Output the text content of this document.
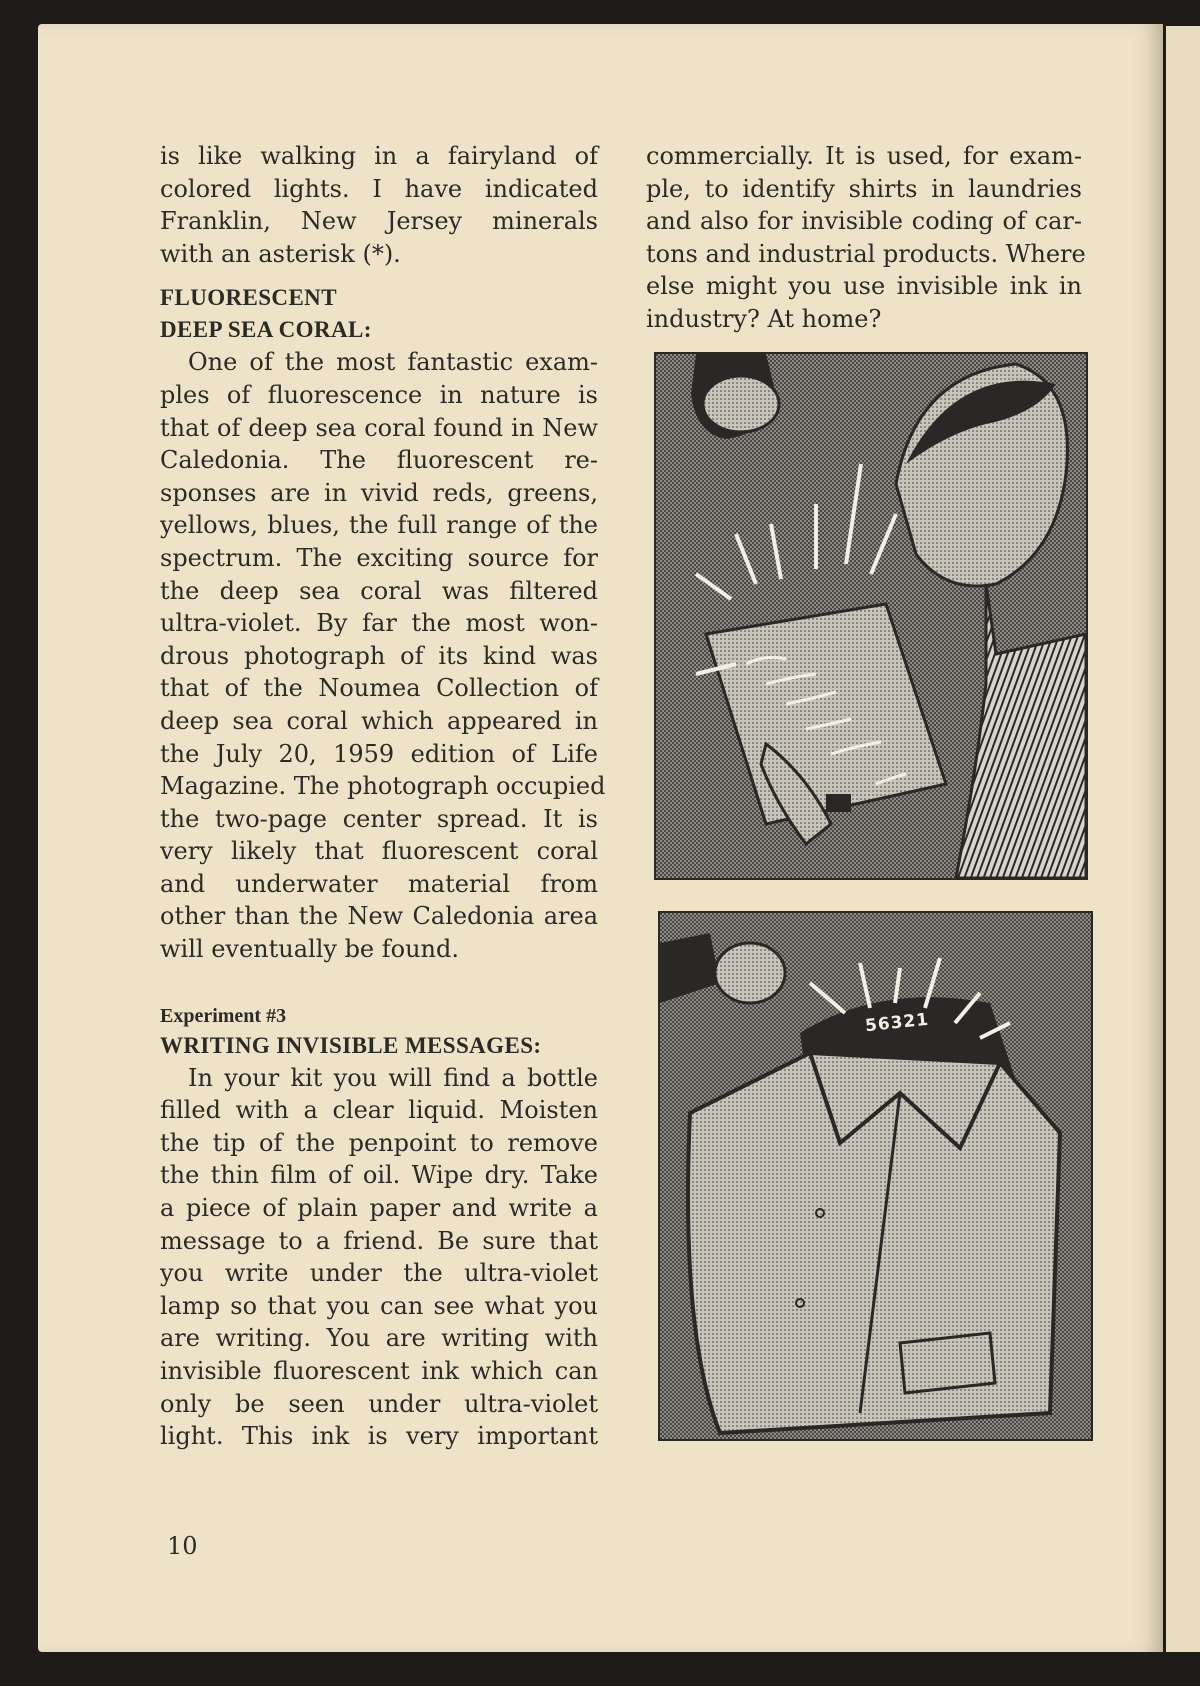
is like walking in a fairyland of
colored lights. I have indicated
Franklin, New Jersey minerals
with an asterisk (*).
FLUORESCENT
DEEP SEA CORAL:
One of the most fantastic exam-
ples of fluorescence in nature is
that of deep sea coral found in New
Caledonia. The fluorescent re-
sponses are in vivid reds, greens,
yellows, blues, the full range of the
spectrum. The exciting source for
the deep sea coral was filtered
ultra-violet. By far the most won-
drous photograph of its kind was
that of the Noumea Collection of
deep sea coral which appeared in
the July 20, 1959 edition of Life
Magazine. The photograph occupied
the two-page center spread. It is
very likely that fluorescent coral
and underwater material from
other than the New Caledonia area
will eventually be found.
Experiment #3
WRITING INVISIBLE MESSAGES:
In your kit you will find a bottle
filled with a clear liquid. Moisten
the tip of the penpoint to remove
the thin film of oil. Wipe dry. Take
a piece of plain paper and write a
message to a friend. Be sure that
you write under the ultra-violet
lamp so that you can see what you
are writing. You are writing with
invisible fluorescent ink which can
only be seen under ultra-violet
light. This ink is very important
commercially. It is used, for exam-
ple, to identify shirts in laundries
and also for invisible coding of car-
tons and industrial products. Where
else might you use invisible ink in
industry? At home?
56321
10
